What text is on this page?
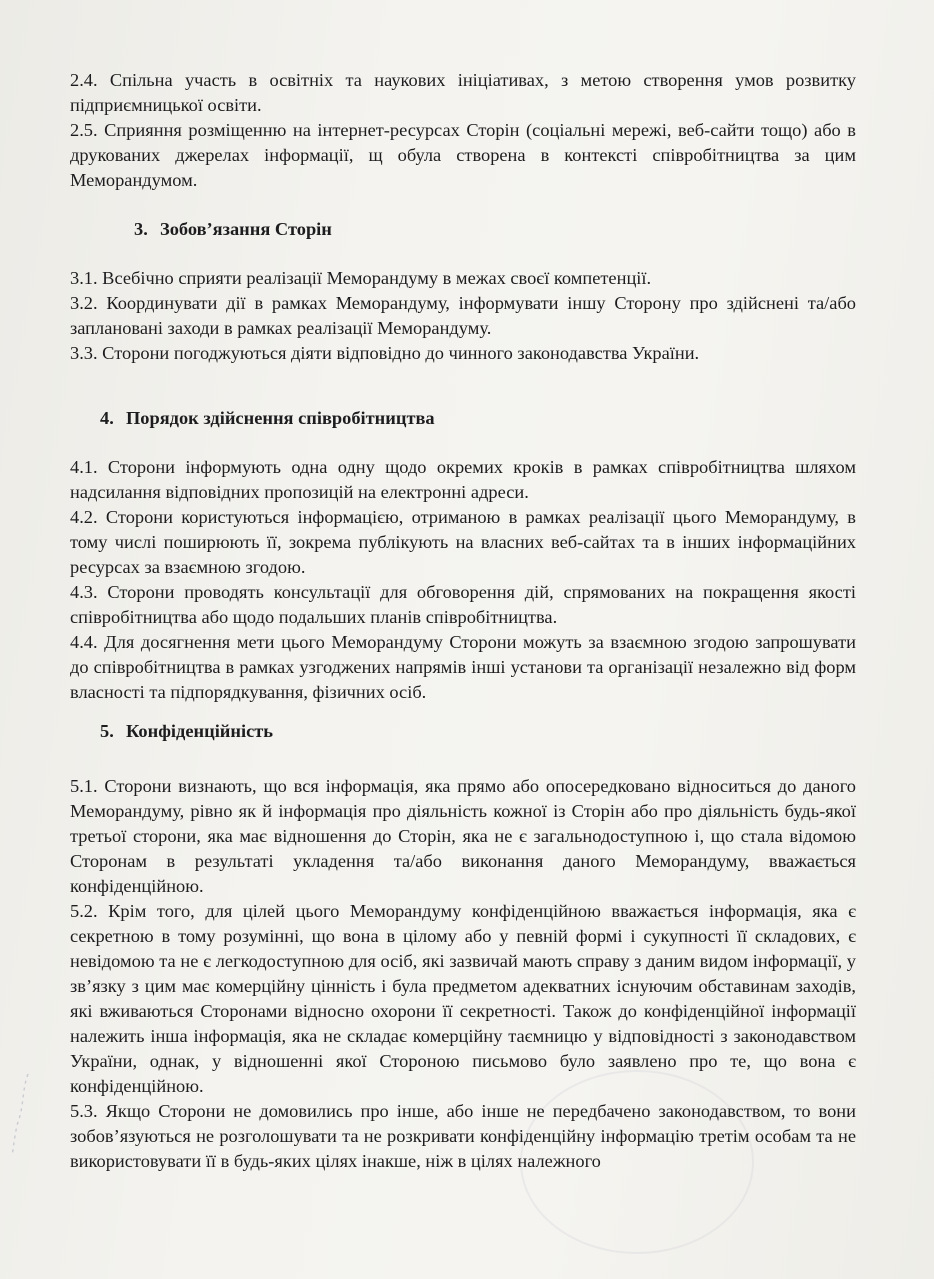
2.4. Спільна участь в освітніх та наукових ініціативах, з метою створення умов розвитку підприємницької освіти.

2.5. Сприяння розміщенню на інтернет-ресурсах Сторін (соціальні мережі, веб-сайти тощо) або в друкованих джерелах інформації, щ обула створена в контексті співробітництва за цим Меморандумом.

3. Зобов’язання Сторін

3.1. Всебічно сприяти реалізації Меморандуму в межах своєї компетенції.

3.2. Координувати дії в рамках Меморандуму, інформувати іншу Сторону про здійснені та/або заплановані заходи в рамках реалізації Меморандуму.

3.3. Сторони погоджуються діяти відповідно до чинного законодавства України.

4. Порядок здійснення співробітництва

4.1. Сторони інформують одна одну щодо окремих кроків в рамках співробітництва шляхом надсилання відповідних пропозицій на електронні адреси.

4.2. Сторони користуються інформацією, отриманою в рамках реалізації цього Меморандуму, в тому числі поширюють її, зокрема публікують на власних веб-сайтах та в інших інформаційних ресурсах за взаємною згодою.

4.3. Сторони проводять консультації для обговорення дій, спрямованих на покращення якості співробітництва або щодо подальших планів співробітництва.

4.4. Для досягнення мети цього Меморандуму Сторони можуть за взаємною згодою запрошувати до співробітництва в рамках узгоджених напрямів інші установи та організації незалежно від форм власності та підпорядкування, фізичних осіб.

5. Конфіденційність

5.1. Сторони визнають, що вся інформація, яка прямо або опосередковано відноситься до даного Меморандуму, рівно як й інформація про діяльність кожної із Сторін або про діяльність будь-якої третьої сторони, яка має відношення до Сторін, яка не є загальнодоступною і, що стала відомою Сторонам в результаті укладення та/або виконання даного Меморандуму, вважається конфіденційною.

5.2. Крім того, для цілей цього Меморандуму конфіденційною вважається інформація, яка є секретною в тому розумінні, що вона в цілому або у певній формі і сукупності її складових, є невідомою та не є легкодоступною для осіб, які зазвичай мають справу з даним видом інформації, у зв’язку з цим має комерційну цінність і була предметом адекватних існуючим обставинам заходів, які вживаються Сторонами відносно охорони її секретності. Також до конфіденційної інформації належить інша інформація, яка не складає комерційну таємницю у відповідності з законодавством України, однак, у відношенні якої Стороною письмово було заявлено про те, що вона є конфіденційною.

5.3. Якщо Сторони не домовились про інше, або інше не передбачено законодавством, то вони зобов’язуються не розголошувати та не розкривати конфіденційну інформацію третім особам та не використовувати її в будь-яких цілях інакше, ніж в цілях належного
